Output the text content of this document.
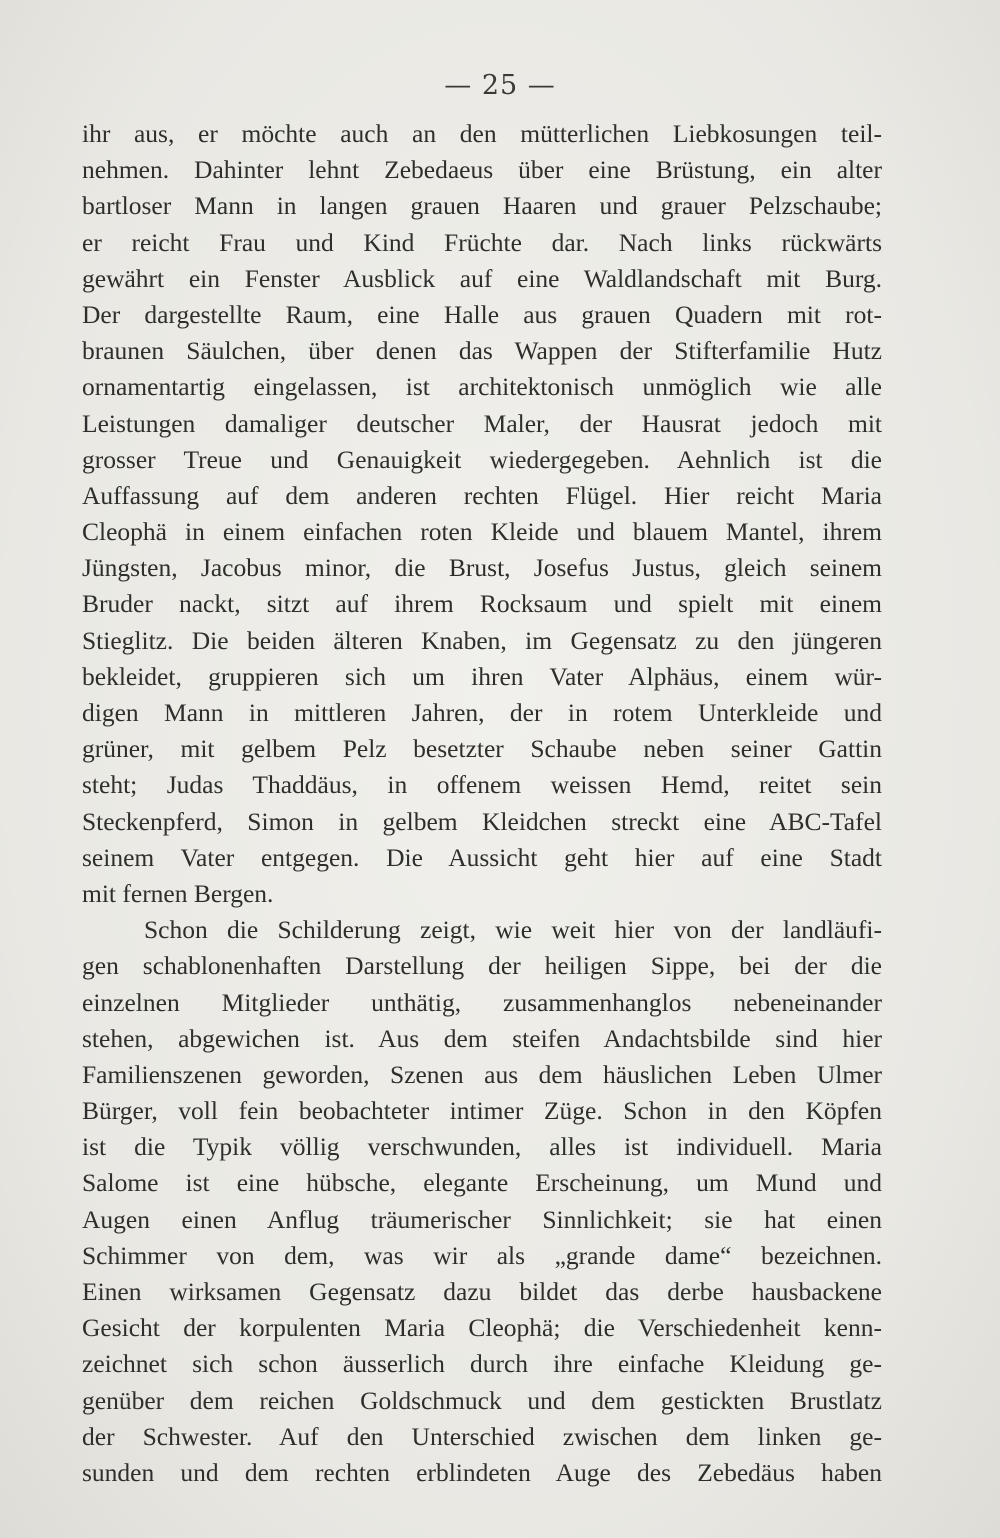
— 25 —
ihr aus, er möchte auch an den mütterlichen Liebkosungen teil-
nehmen. Dahinter lehnt Zebedaeus über eine Brüstung, ein alter
bartloser Mann in langen grauen Haaren und grauer Pelzschaube;
er reicht Frau und Kind Früchte dar. Nach links rückwärts
gewährt ein Fenster Ausblick auf eine Waldlandschaft mit Burg.
Der dargestellte Raum, eine Halle aus grauen Quadern mit rot-
braunen Säulchen, über denen das Wappen der Stifterfamilie Hutz
ornamentartig eingelassen, ist architektonisch unmöglich wie alle
Leistungen damaliger deutscher Maler, der Hausrat jedoch mit
grosser Treue und Genauigkeit wiedergegeben. Aehnlich ist die
Auffassung auf dem anderen rechten Flügel. Hier reicht Maria
Cleophä in einem einfachen roten Kleide und blauem Mantel, ihrem
Jüngsten, Jacobus minor, die Brust, Josefus Justus, gleich seinem
Bruder nackt, sitzt auf ihrem Rocksaum und spielt mit einem
Stieglitz. Die beiden älteren Knaben, im Gegensatz zu den jüngeren
bekleidet, gruppieren sich um ihren Vater Alphäus, einem wür-
digen Mann in mittleren Jahren, der in rotem Unterkleide und
grüner, mit gelbem Pelz besetzter Schaube neben seiner Gattin
steht; Judas Thaddäus, in offenem weissen Hemd, reitet sein
Steckenpferd, Simon in gelbem Kleidchen streckt eine ABC-Tafel
seinem Vater entgegen. Die Aussicht geht hier auf eine Stadt
mit fernen Bergen.
Schon die Schilderung zeigt, wie weit hier von der landläufi-
gen schablonenhaften Darstellung der heiligen Sippe, bei der die
einzelnen Mitglieder unthätig, zusammenhanglos nebeneinander
stehen, abgewichen ist. Aus dem steifen Andachtsbilde sind hier
Familienszenen geworden, Szenen aus dem häuslichen Leben Ulmer
Bürger, voll fein beobachteter intimer Züge. Schon in den Köpfen
ist die Typik völlig verschwunden, alles ist individuell. Maria
Salome ist eine hübsche, elegante Erscheinung, um Mund und
Augen einen Anflug träumerischer Sinnlichkeit; sie hat einen
Schimmer von dem, was wir als „grande dame“ bezeichnen.
Einen wirksamen Gegensatz dazu bildet das derbe hausbackene
Gesicht der korpulenten Maria Cleophä; die Verschiedenheit kenn-
zeichnet sich schon äusserlich durch ihre einfache Kleidung ge-
genüber dem reichen Goldschmuck und dem gestickten Brustlatz
der Schwester. Auf den Unterschied zwischen dem linken ge-
sunden und dem rechten erblindeten Auge des Zebedäus haben
